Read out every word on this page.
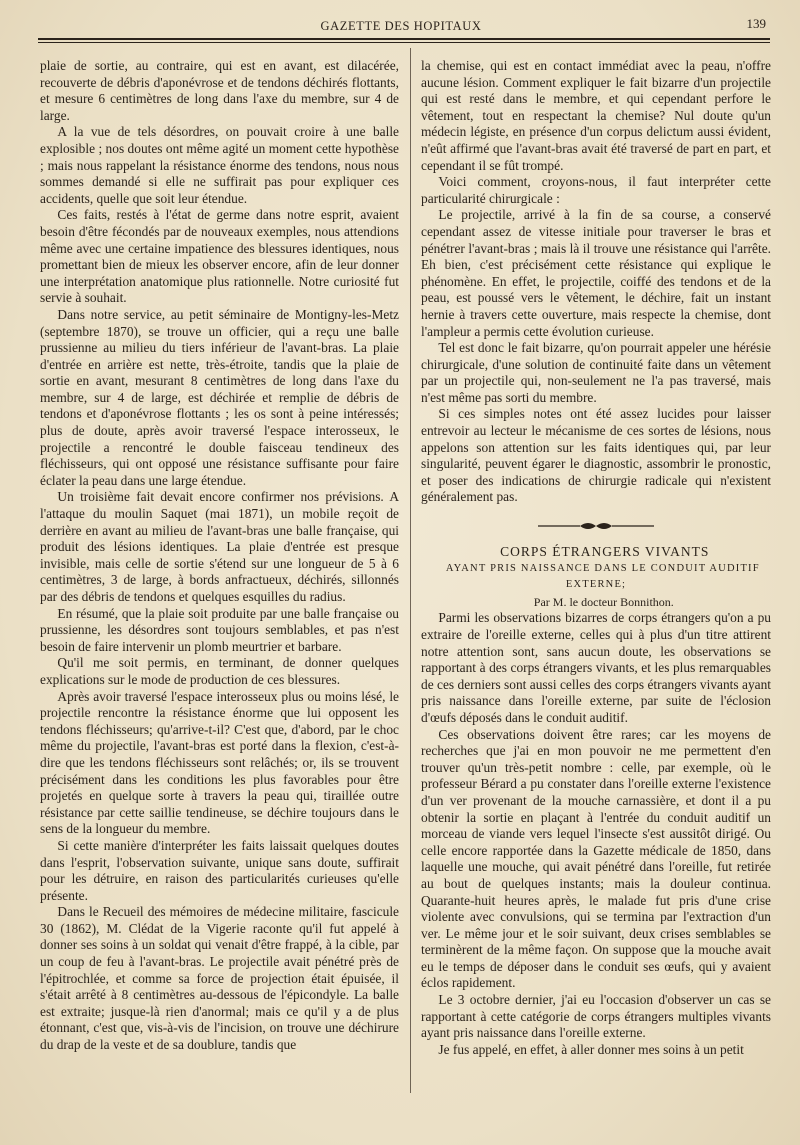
GAZETTE DES HOPITAUX	139

plaie de sortie, au contraire, qui est en avant, est dilacérée, recouverte de débris d'aponévrose et de tendons déchirés flottants, et mesure 6 centimètres de long dans l'axe du membre, sur 4 de large.

A la vue de tels désordres, on pouvait croire à une balle explosible ; nos doutes ont même agité un moment cette hypothèse ; mais nous rappelant la résistance énorme des tendons, nous nous sommes demandé si elle ne suffirait pas pour expliquer ces accidents, quelle que soit leur étendue.

Ces faits, restés à l'état de germe dans notre esprit, avaient besoin d'être fécondés par de nouveaux exemples, nous attendions même avec une certaine impatience des blessures identiques, nous promettant bien de mieux les observer encore, afin de leur donner une interprétation anatomique plus rationnelle. Notre curiosité fut servie à souhait.

Dans notre service, au petit séminaire de Montigny-les-Metz (septembre 1870), se trouve un officier, qui a reçu une balle prussienne au milieu du tiers inférieur de l'avant-bras. La plaie d'entrée en arrière est nette, très-étroite, tandis que la plaie de sortie en avant, mesurant 8 centimètres de long dans l'axe du membre, sur 4 de large, est déchirée et remplie de débris de tendons et d'aponévrose flottants ; les os sont à peine intéressés; plus de doute, après avoir traversé l'espace interosseux, le projectile a rencontré le double faisceau tendineux des fléchisseurs, qui ont opposé une résistance suffisante pour faire éclater la peau dans une large étendue.

Un troisième fait devait encore confirmer nos prévisions. A l'attaque du moulin Saquet (mai 1871), un mobile reçoit de derrière en avant au milieu de l'avant-bras une balle française, qui produit des lésions identiques. La plaie d'entrée est presque invisible, mais celle de sortie s'étend sur une longueur de 5 à 6 centimètres, 3 de large, à bords anfractueux, déchirés, sillonnés par des débris de tendons et quelques esquilles du radius.

En résumé, que la plaie soit produite par une balle française ou prussienne, les désordres sont toujours semblables, et pas n'est besoin de faire intervenir un plomb meurtrier et barbare.

Qu'il me soit permis, en terminant, de donner quelques explications sur le mode de production de ces blessures.

Après avoir traversé l'espace interosseux plus ou moins lésé, le projectile rencontre la résistance énorme que lui opposent les tendons fléchisseurs; qu'arrive-t-il? C'est que, d'abord, par le choc même du projectile, l'avant-bras est porté dans la flexion, c'est-à-dire que les tendons fléchisseurs sont relâchés; or, ils se trouvent précisément dans les conditions les plus favorables pour être projetés en quelque sorte à travers la peau qui, tiraillée outre résistance par cette saillie tendineuse, se déchire toujours dans le sens de la longueur du membre.

Si cette manière d'interpréter les faits laissait quelques doutes dans l'esprit, l'observation suivante, unique sans doute, suffirait pour les détruire, en raison des particularités curieuses qu'elle présente.

Dans le Recueil des mémoires de médecine militaire, fascicule 30 (1862), M. Clédat de la Vigerie raconte qu'il fut appelé à donner ses soins à un soldat qui venait d'être frappé, à la cible, par un coup de feu à l'avant-bras. Le projectile avait pénétré près de l'épitrochlée, et comme sa force de projection était épuisée, il s'était arrêté à 8 centimètres au-dessous de l'épicondyle. La balle est extraite; jusque-là rien d'anormal; mais ce qu'il y a de plus étonnant, c'est que, vis-à-vis de l'incision, on trouve une déchirure du drap de la veste et de sa doublure, tandis que

la chemise, qui est en contact immédiat avec la peau, n'offre aucune lésion. Comment expliquer le fait bizarre d'un projectile qui est resté dans le membre, et qui cependant perfore le vêtement, tout en respectant la chemise? Nul doute qu'un médecin légiste, en présence d'un corpus delictum aussi évident, n'eût affirmé que l'avant-bras avait été traversé de part en part, et cependant il se fût trompé.

Voici comment, croyons-nous, il faut interpréter cette particularité chirurgicale :

Le projectile, arrivé à la fin de sa course, a conservé cependant assez de vitesse initiale pour traverser le bras et pénétrer l'avant-bras ; mais là il trouve une résistance qui l'arrête. Eh bien, c'est précisément cette résistance qui explique le phénomène. En effet, le projectile, coiffé des tendons et de la peau, est poussé vers le vêtement, le déchire, fait un instant hernie à travers cette ouverture, mais respecte la chemise, dont l'ampleur a permis cette évolution curieuse.

Tel est donc le fait bizarre, qu'on pourrait appeler une hérésie chirurgicale, d'une solution de continuité faite dans un vêtement par un projectile qui, non-seulement ne l'a pas traversé, mais n'est même pas sorti du membre.

Si ces simples notes ont été assez lucides pour laisser entrevoir au lecteur le mécanisme de ces sortes de lésions, nous appelons son attention sur les faits identiques qui, par leur singularité, peuvent égarer le diagnostic, assombrir le pronostic, et poser des indications de chirurgie radicale qui n'existent généralement pas.

CORPS ÉTRANGERS VIVANTS

AYANT PRIS NAISSANCE DANS LE CONDUIT AUDITIF EXTERNE;

Par M. le docteur Bonnithon.

Parmi les observations bizarres de corps étrangers qu'on a pu extraire de l'oreille externe, celles qui à plus d'un titre attirent notre attention sont, sans aucun doute, les observations se rapportant à des corps étrangers vivants, et les plus remarquables de ces derniers sont aussi celles des corps étrangers vivants ayant pris naissance dans l'oreille externe, par suite de l'éclosion d'œufs déposés dans le conduit auditif.

Ces observations doivent être rares; car les moyens de recherches que j'ai en mon pouvoir ne me permettent d'en trouver qu'un très-petit nombre : celle, par exemple, où le professeur Bérard a pu constater dans l'oreille externe l'existence d'un ver provenant de la mouche carnassière, et dont il a pu obtenir la sortie en plaçant à l'entrée du conduit auditif un morceau de viande vers lequel l'insecte s'est aussitôt dirigé. Ou celle encore rapportée dans la Gazette médicale de 1850, dans laquelle une mouche, qui avait pénétré dans l'oreille, fut retirée au bout de quelques instants; mais la douleur continua. Quarante-huit heures après, le malade fut pris d'une crise violente avec convulsions, qui se termina par l'extraction d'un ver. Le même jour et le soir suivant, deux crises semblables se terminèrent de la même façon. On suppose que la mouche avait eu le temps de déposer dans le conduit ses œufs, qui y avaient éclos rapidement.

Le 3 octobre dernier, j'ai eu l'occasion d'observer un cas se rapportant à cette catégorie de corps étrangers multiples vivants ayant pris naissance dans l'oreille externe.

Je fus appelé, en effet, à aller donner mes soins à un petit
